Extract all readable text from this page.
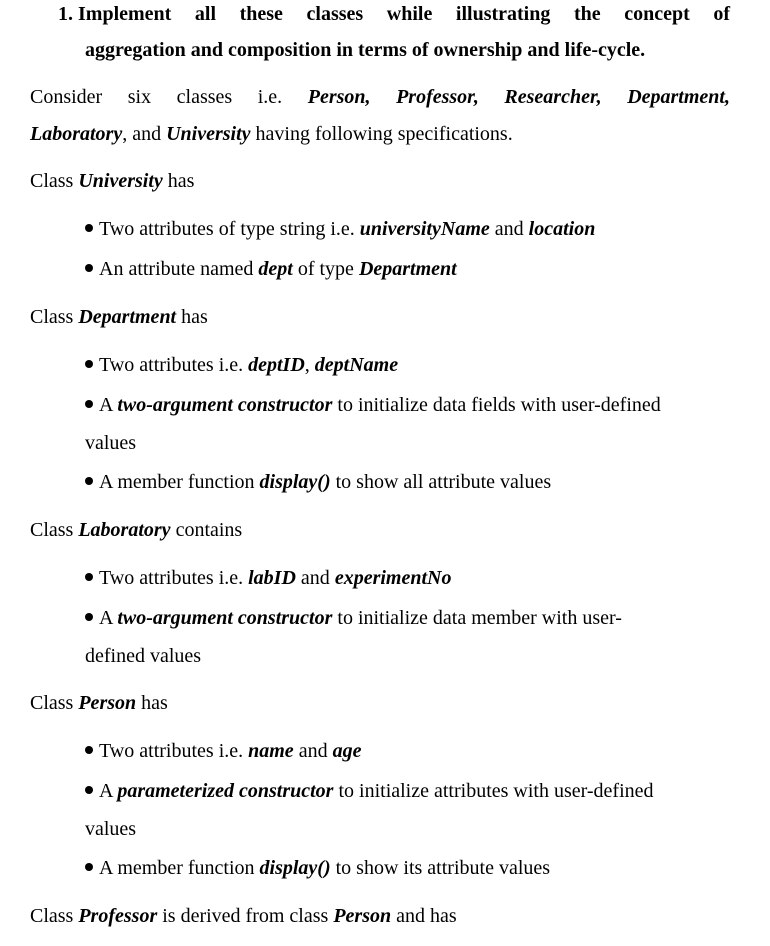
1. Implement all these classes while illustrating the concept of
aggregation and composition in terms of ownership and life-cycle.
Consider six classes i.e. Person, Professor, Researcher, Department,
Laboratory, and University having following specifications.
Class University has
Two attributes of type string i.e. universityName and location
An attribute named dept of type Department
Class Department has
Two attributes i.e. deptID, deptName
A two-argument constructor to initialize data fields with user-defined
values
A member function display() to show all attribute values
Class Laboratory contains
Two attributes i.e. labID and experimentNo
A two-argument constructor to initialize data member with user-
defined values
Class Person has
Two attributes i.e. name and age
A parameterized constructor to initialize attributes with user-defined
values
A member function display() to show its attribute values
Class Professor is derived from class Person and has
